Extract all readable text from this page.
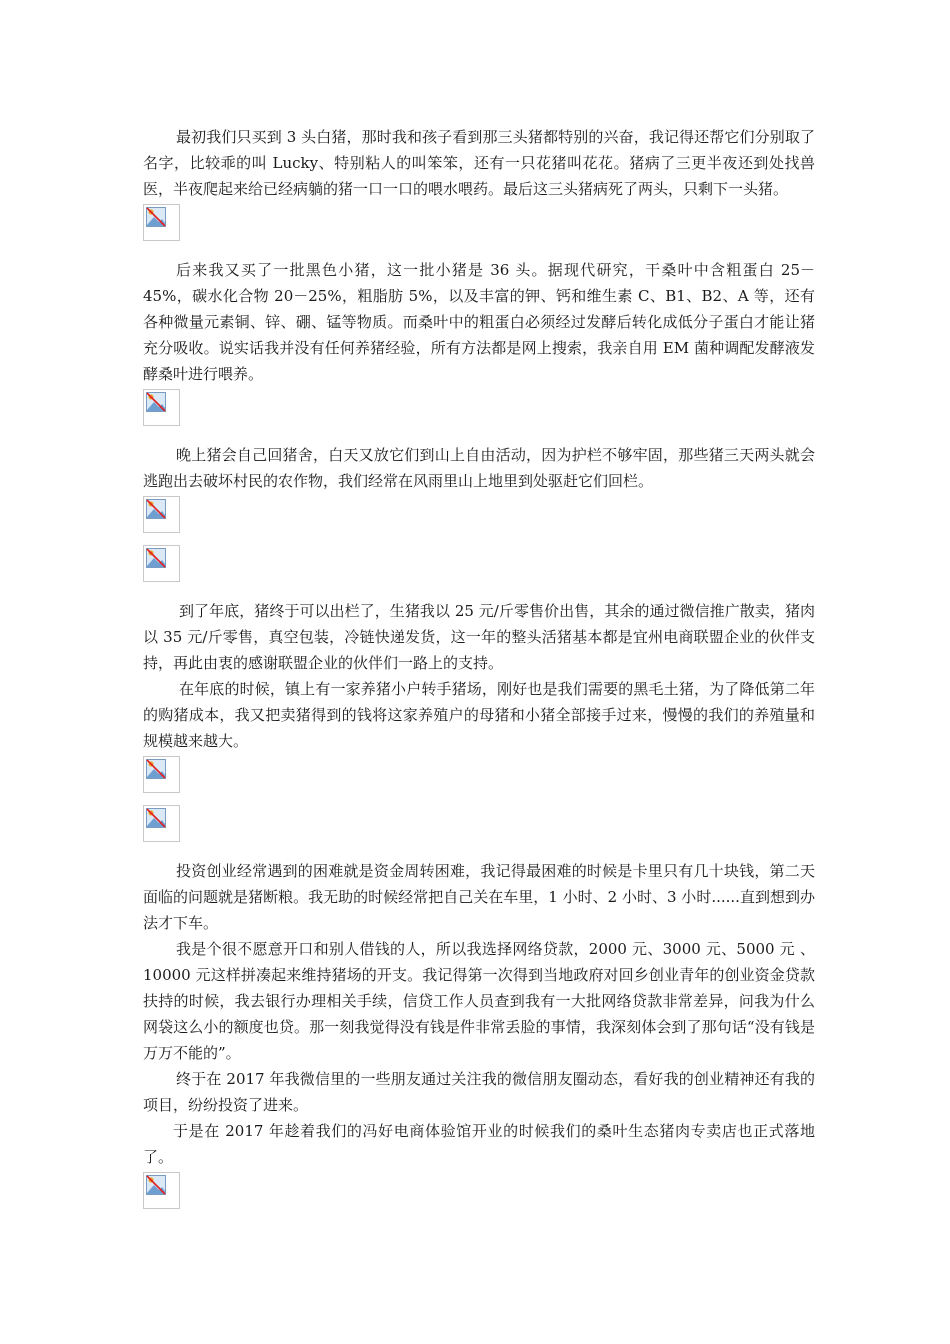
最初我们只买到 3 头白猪，那时我和孩子看到那三头猪都特别的兴奋，我记得还帮它们分别取了名字，比较乖的叫 Lucky、特别粘人的叫笨笨，还有一只花猪叫花花。猪病了三更半夜还到处找兽医，半夜爬起来给已经病躺的猪一口一口的喂水喂药。最后这三头猪病死了两头，只剩下一头猪。

后来我又买了一批黑色小猪，这一批小猪是 36 头。据现代研究，干桑叶中含粗蛋白 25－45%，碳水化合物 20－25%，粗脂肪 5%，以及丰富的钾、钙和维生素 C、B1、B2、A 等，还有各种微量元素铜、锌、硼、锰等物质。而桑叶中的粗蛋白必须经过发酵后转化成低分子蛋白才能让猪充分吸收。说实话我并没有任何养猪经验，所有方法都是网上搜索，我亲自用 EM 菌种调配发酵液发酵桑叶进行喂养。

晚上猪会自己回猪舍，白天又放它们到山上自由活动，因为护栏不够牢固，那些猪三天两头就会逃跑出去破坏村民的农作物，我们经常在风雨里山上地里到处驱赶它们回栏。

到了年底，猪终于可以出栏了，生猪我以 25 元/斤零售价出售，其余的通过微信推广散卖，猪肉以 35 元/斤零售，真空包装，冷链快递发货，这一年的整头活猪基本都是宜州电商联盟企业的伙伴支持，再此由衷的感谢联盟企业的伙伴们一路上的支持。

在年底的时候，镇上有一家养猪小户转手猪场，刚好也是我们需要的黑毛土猪，为了降低第二年的购猪成本，我又把卖猪得到的钱将这家养殖户的母猪和小猪全部接手过来，慢慢的我们的养殖量和规模越来越大。

投资创业经常遇到的困难就是资金周转困难，我记得最困难的时候是卡里只有几十块钱，第二天面临的问题就是猪断粮。我无助的时候经常把自己关在车里，1 小时、2 小时、3 小时......直到想到办法才下车。

我是个很不愿意开口和别人借钱的人，所以我选择网络贷款，2000 元、3000 元、5000 元 、10000 元这样拼凑起来维持猪场的开支。我记得第一次得到当地政府对回乡创业青年的创业资金贷款扶持的时候，我去银行办理相关手续，信贷工作人员查到我有一大批网络贷款非常差异，问我为什么网袋这么小的额度也贷。那一刻我觉得没有钱是件非常丢脸的事情，我深刻体会到了那句话“没有钱是万万不能的”。

终于在 2017 年我微信里的一些朋友通过关注我的微信朋友圈动态，看好我的创业精神还有我的项目，纷纷投资了进来。

于是在 2017 年趁着我们的冯好电商体验馆开业的时候我们的桑叶生态猪肉专卖店也正式落地了。
